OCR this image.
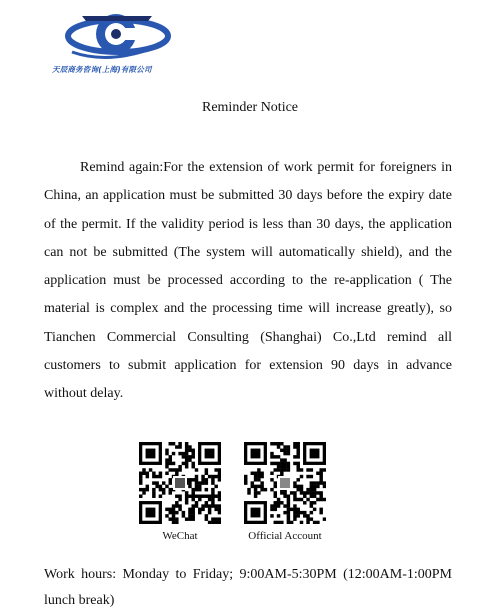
天辰商务咨询(上海)有限公司
Reminder Notice

Remind again:For the extension of work permit for foreigners in China, an application must be submitted 30 days before the expiry date of the permit. If the validity period is less than 30 days, the application can not be submitted (The system will automatically shield), and the application must be processed according to the re-application ( The material is complex and the processing time will increase greatly), so Tianchen Commercial Consulting (Shanghai) Co.,Ltd remind all customers to submit application for extension 90 days in advance without delay.

WeChat	Official Account

Work hours: Monday to Friday; 9:00AM-5:30PM (12:00AM-1:00PM lunch break)
